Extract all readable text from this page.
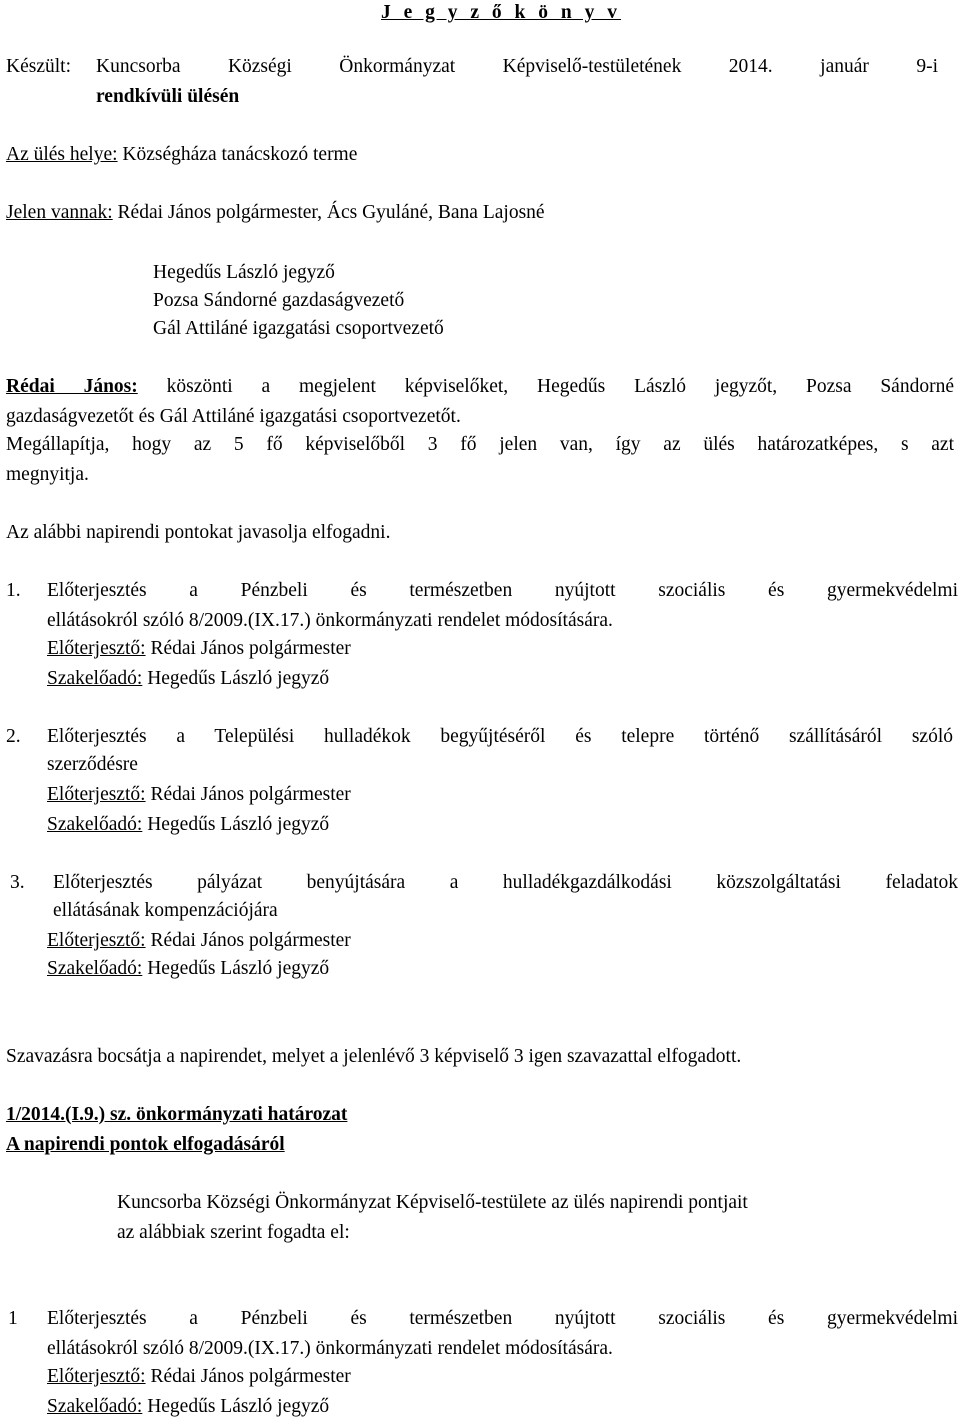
J e g y z ő k ö n y v
Készült: Kuncsorba Községi Önkormányzat Képviselő-testületének 2014. január 9-i
rendkívüli ülésén
Az ülés helye: Községháza tanácskozó terme
Jelen vannak: Rédai János polgármester, Ács Gyuláné, Bana Lajosné
Hegedűs László jegyző
Pozsa Sándorné gazdaságvezető
Gál Attiláné igazgatási csoportvezető
Rédai János: köszönti a megjelent képviselőket, Hegedűs László jegyzőt, Pozsa Sándorné
gazdaságvezetőt és Gál Attiláné igazgatási csoportvezetőt.
Megállapítja, hogy az 5 fő képviselőből 3 fő jelen van, így az ülés határozatképes, s azt
megnyitja.
Az alábbi napirendi pontokat javasolja elfogadni.
1. Előterjesztés a Pénzbeli és természetben nyújtott szociális és gyermekvédelmi
ellátásokról szóló 8/2009.(IX.17.) önkormányzati rendelet módosítására.
Előterjesztő: Rédai János polgármester
Szakelőadó: Hegedűs László jegyző
2. Előterjesztés a Települési hulladékok begyűjtéséről és telepre történő szállításáról szóló
szerződésre
Előterjesztő: Rédai János polgármester
Szakelőadó: Hegedűs László jegyző
3. Előterjesztés pályázat benyújtására a hulladékgazdálkodási közszolgáltatási feladatok
ellátásának kompenzációjára
Előterjesztő: Rédai János polgármester
Szakelőadó: Hegedűs László jegyző
Szavazásra bocsátja a napirendet, melyet a jelenlévő 3 képviselő 3 igen szavazattal elfogadott.
1/2014.(I.9.) sz. önkormányzati határozat
A napirendi pontok elfogadásáról
Kuncsorba Községi Önkormányzat Képviselő-testülete az ülés napirendi pontjait
az alábbiak szerint fogadta el:
1 Előterjesztés a Pénzbeli és természetben nyújtott szociális és gyermekvédelmi
ellátásokról szóló 8/2009.(IX.17.) önkormányzati rendelet módosítására.
Előterjesztő: Rédai János polgármester
Szakelőadó: Hegedűs László jegyző
